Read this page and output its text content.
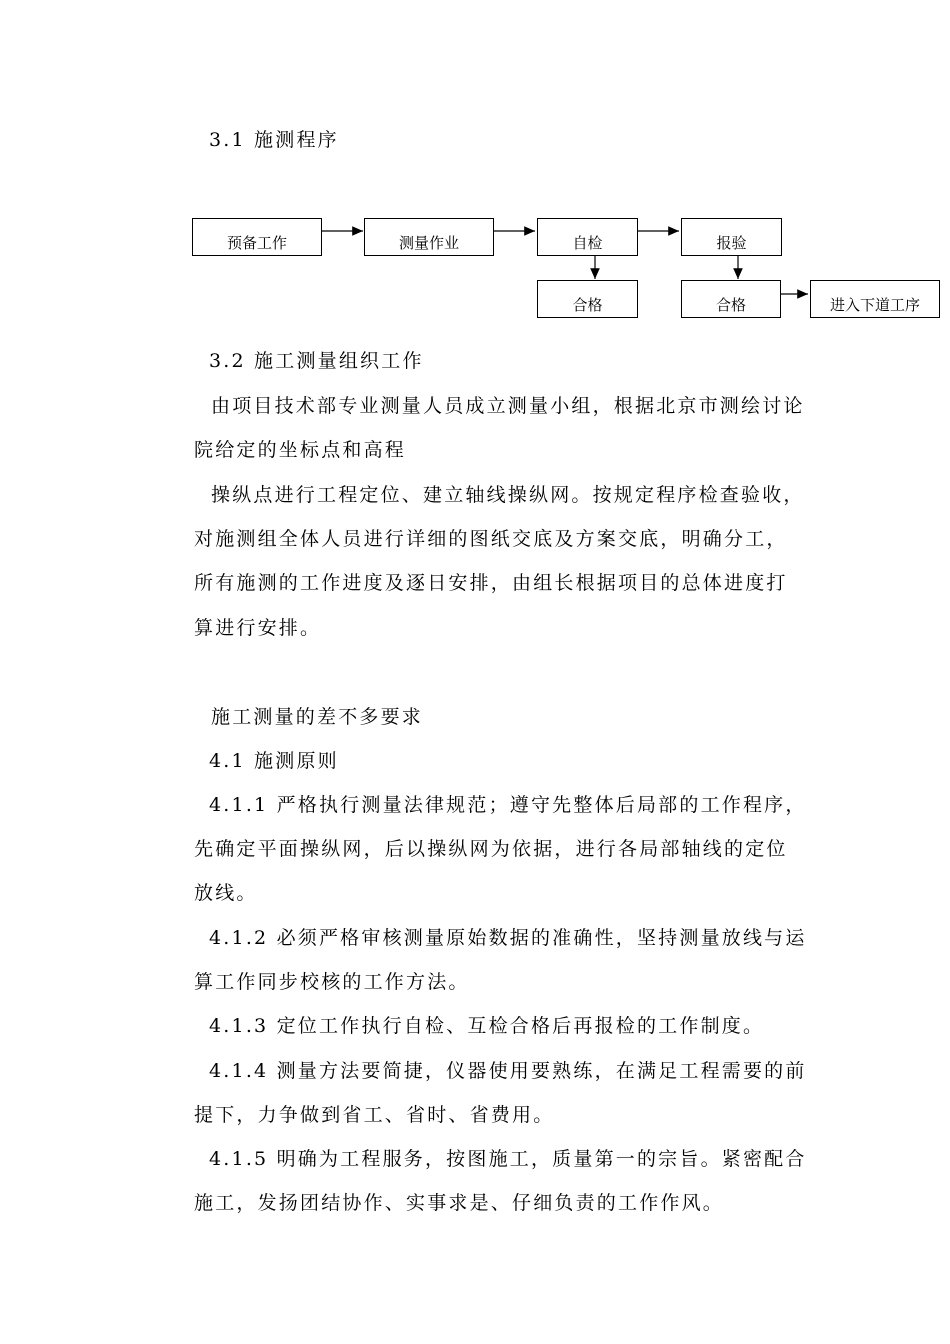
3.1 施测程序
预备工作	测量作业	自检	报验
合格	合格	进入下道工序
3.2 施工测量组织工作
由项目技术部专业测量人员成立测量小组，根据北京市测绘讨论
院给定的坐标点和高程
操纵点进行工程定位、建立轴线操纵网。按规定程序检查验收，
对施测组全体人员进行详细的图纸交底及方案交底，明确分工，
所有施测的工作进度及逐日安排，由组长根据项目的总体进度打
算进行安排。
施工测量的差不多要求
4.1 施测原则
4.1.1 严格执行测量法律规范；遵守先整体后局部的工作程序，
先确定平面操纵网，后以操纵网为依据，进行各局部轴线的定位
放线。
4.1.2 必须严格审核测量原始数据的准确性，坚持测量放线与运
算工作同步校核的工作方法。
4.1.3 定位工作执行自检、互检合格后再报检的工作制度。
4.1.4 测量方法要简捷，仪器使用要熟练，在满足工程需要的前
提下，力争做到省工、省时、省费用。
4.1.5 明确为工程服务，按图施工，质量第一的宗旨。紧密配合
施工，发扬团结协作、实事求是、仔细负责的工作作风。
